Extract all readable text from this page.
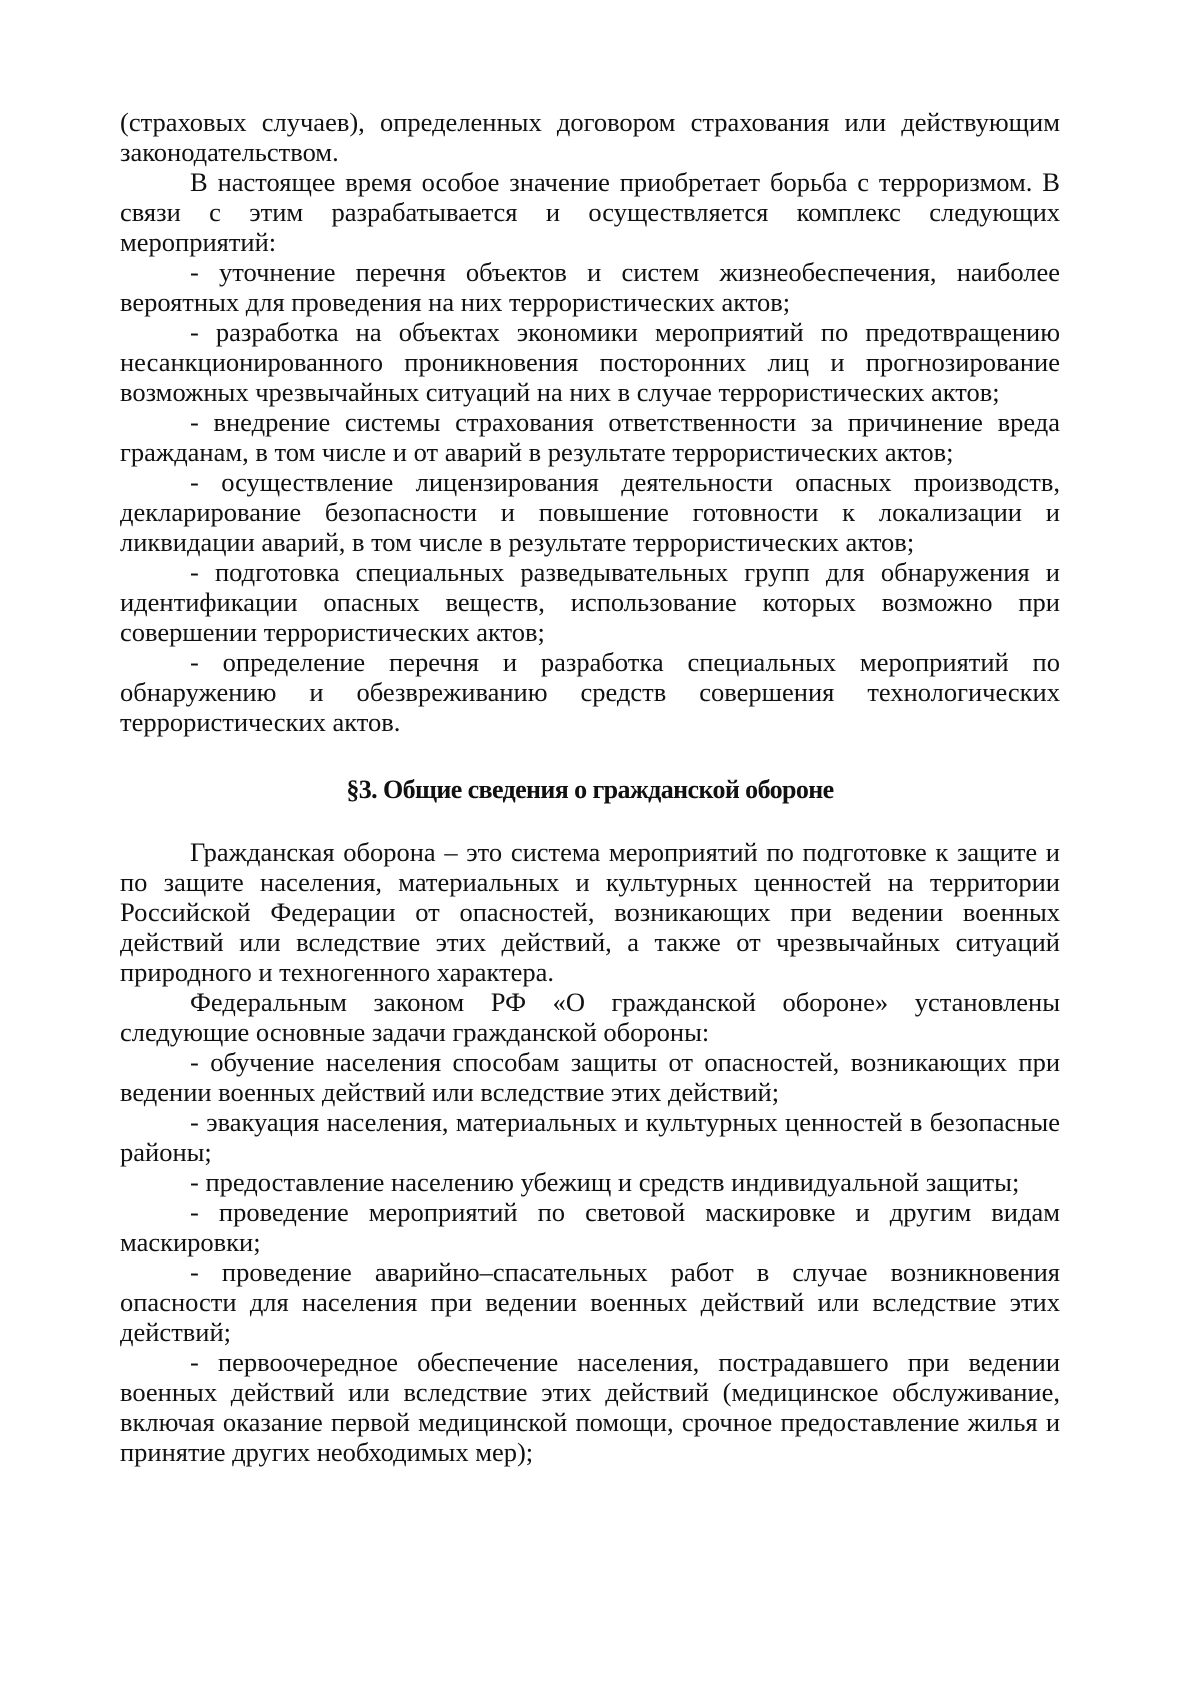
(страховых случаев), определенных договором страхования или действующим законодательством.

В настоящее время особое значение приобретает борьба с терроризмом. В связи с этим разрабатывается и осуществляется комплекс следующих мероприятий:

- уточнение перечня объектов и систем жизнеобеспечения, наиболее вероятных для проведения на них террористических актов;

- разработка на объектах экономики мероприятий по предотвращению несанкционированного проникновения посторонних лиц и прогнозирование возможных чрезвычайных ситуаций на них в случае террористических актов;

- внедрение системы страхования ответственности за причинение вреда гражданам, в том числе и от аварий в результате террористических актов;

- осуществление лицензирования деятельности опасных производств, декларирование безопасности и повышение готовности к локализации и ликвидации аварий, в том числе в результате террористических актов;

- подготовка специальных разведывательных групп для обнаружения и идентификации опасных веществ, использование которых возможно при совершении террористических актов;

- определение перечня и разработка специальных мероприятий по обнаружению и обезвреживанию средств совершения технологических террористических актов.

§3. Общие сведения о гражданской обороне

Гражданская оборона – это система мероприятий по подготовке к защите и по защите населения, материальных и культурных ценностей на территории Российской Федерации от опасностей, возникающих при ведении военных действий или вследствие этих действий, а также от чрезвычайных ситуаций природного и техногенного характера.

Федеральным законом РФ «О гражданской обороне» установлены следующие основные задачи гражданской обороны:

- обучение населения способам защиты от опасностей, возникающих при ведении военных действий или вследствие этих действий;

- эвакуация населения, материальных и культурных ценностей в безопасные районы;

- предоставление населению убежищ и средств индивидуальной защиты;

- проведение мероприятий по световой маскировке и другим видам маскировки;

- проведение аварийно–спасательных работ в случае возникновения опасности для населения при ведении военных действий или вследствие этих действий;

- первоочередное обеспечение населения, пострадавшего при ведении военных действий или вследствие этих действий (медицинское обслуживание, включая оказание первой медицинской помощи, срочное предоставление жилья и принятие других необходимых мер);
